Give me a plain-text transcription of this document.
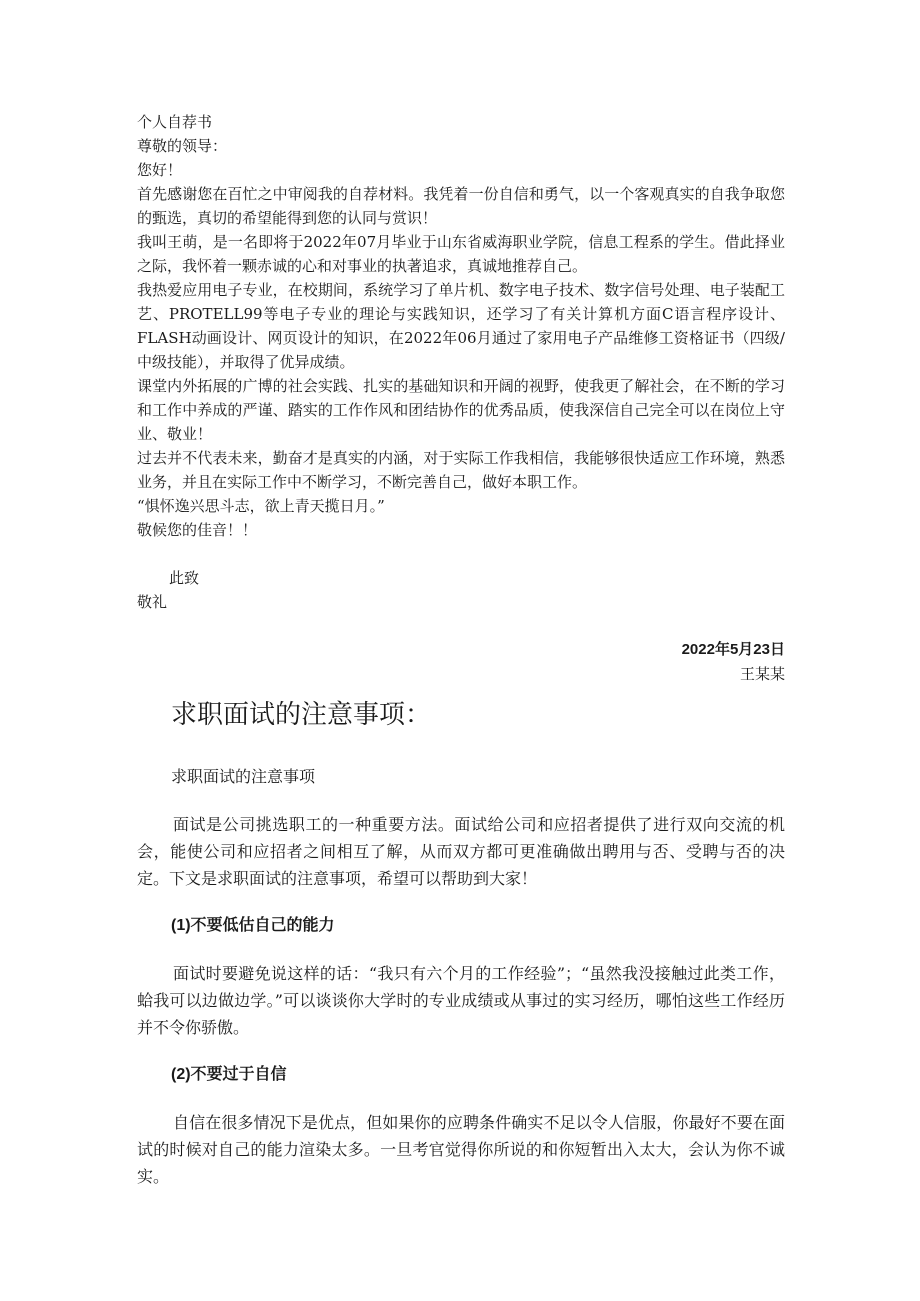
个人自荐书

尊敬的领导：

您好！

首先感谢您在百忙之中审阅我的自荐材料。我凭着一份自信和勇气，以一个客观真实的自我争取您的甄选，真切的希望能得到您的认同与赏识！

我叫王萌，是一名即将于2022年07月毕业于山东省威海职业学院，信息工程系的学生。借此择业之际，我怀着一颗赤诚的心和对事业的执著追求，真诚地推荐自己。

我热爱应用电子专业，在校期间，系统学习了单片机、数字电子技术、数字信号处理、电子装配工艺、PROTELL99等电子专业的理论与实践知识，还学习了有关计算机方面C语言程序设计、FLASH动画设计、网页设计的知识，在2022年06月通过了家用电子产品维修工资格证书（四级/中级技能），并取得了优异成绩。

课堂内外拓展的广博的社会实践、扎实的基础知识和开阔的视野，使我更了解社会，在不断的学习和工作中养成的严谨、踏实的工作作风和团结协作的优秀品质，使我深信自己完全可以在岗位上守业、敬业！

过去并不代表未来，勤奋才是真实的内涵，对于实际工作我相信，我能够很快适应工作环境，熟悉业务，并且在实际工作中不断学习，不断完善自己，做好本职工作。

“惧怀逸兴思斗志，欲上青天揽日月。”

敬候您的佳音！！

此致

敬礼

2022年5月23日

王某某

求职面试的注意事项：

求职面试的注意事项

面试是公司挑选职工的一种重要方法。面试给公司和应招者提供了进行双向交流的机会，能使公司和应招者之间相互了解，从而双方都可更准确做出聘用与否、受聘与否的决定。下文是求职面试的注意事项，希望可以帮助到大家！

(1)不要低估自己的能力

面试时要避免说这样的话：“我只有六个月的工作经验”；“虽然我没接触过此类工作，蛤我可以边做边学。”可以谈谈你大学时的专业成绩或从事过的实习经历，哪怕这些工作经历并不令你骄傲。

(2)不要过于自信

自信在很多情况下是优点，但如果你的应聘条件确实不足以令人信服，你最好不要在面试的时候对自己的能力渲染太多。一旦考官觉得你所说的和你短暂出入太大，会认为你不诚实。
